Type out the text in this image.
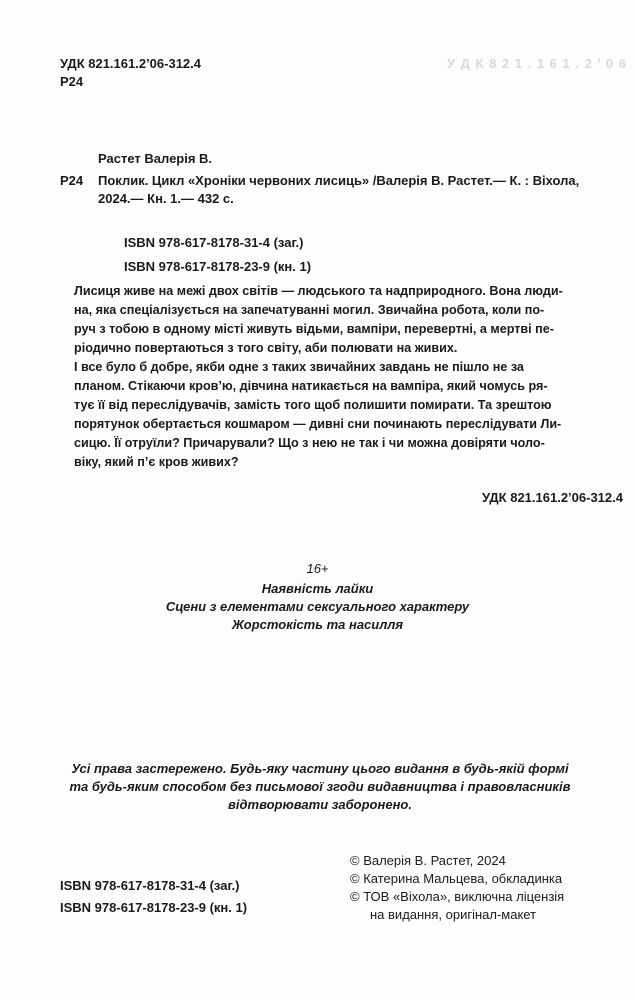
УДК 821.161.2’06-312.4
Р24
У Д К 8 2 1 . 1 6 1 . 2 ’ 0 6
Растет Валерія В.
Р24 Поклик. Цикл «Хроніки червоних лисиць» /Валерія В. Растет.— К. : Віхола,
2024.— Кн. 1.— 432 с.
ISBN 978-617-8178-31-4 (заг.)
ISBN 978-617-8178-23-9 (кн. 1)
Лисиця живе на межі двох світів — людського та надприродного. Вона люди-
на, яка спеціалізується на запечатуванні могил. Звичайна робота, коли по-
руч з тобою в одному місті живуть відьми, вампіри, перевертні, а мертві пе-
ріодично повертаються з того світу, аби полювати на живих.
І все було б добре, якби одне з таких звичайних завдань не пішло не за
планом. Стікаючи кров’ю, дівчина натикається на вампіра, який чомусь ря-
тує її від переслідувачів, замість того щоб полишити помирати. Та зрештою
порятунок обертається кошмаром — дивні сни починають переслідувати Ли-
сицю. Її отруїли? Причарували? Що з нею не так і чи можна довіряти чоло-
віку, який п’є кров живих?
УДК 821.161.2’06-312.4
16+
Наявність лайки
Сцени з елементами сексуального характеру
Жорстокість та насилля
Усі права застережено. Будь-яку частину цього видання в будь-якій формі
та будь-яким способом без письмової згоди видавництва і правовласників
відтворювати заборонено.
ISBN 978-617-8178-31-4 (заг.)
ISBN 978-617-8178-23-9 (кн. 1)
© Валерія В. Растет, 2024
© Катерина Мальцева, обкладинка
© ТОВ «Віхола», виключна ліцензія
на видання, оригінал-макет
